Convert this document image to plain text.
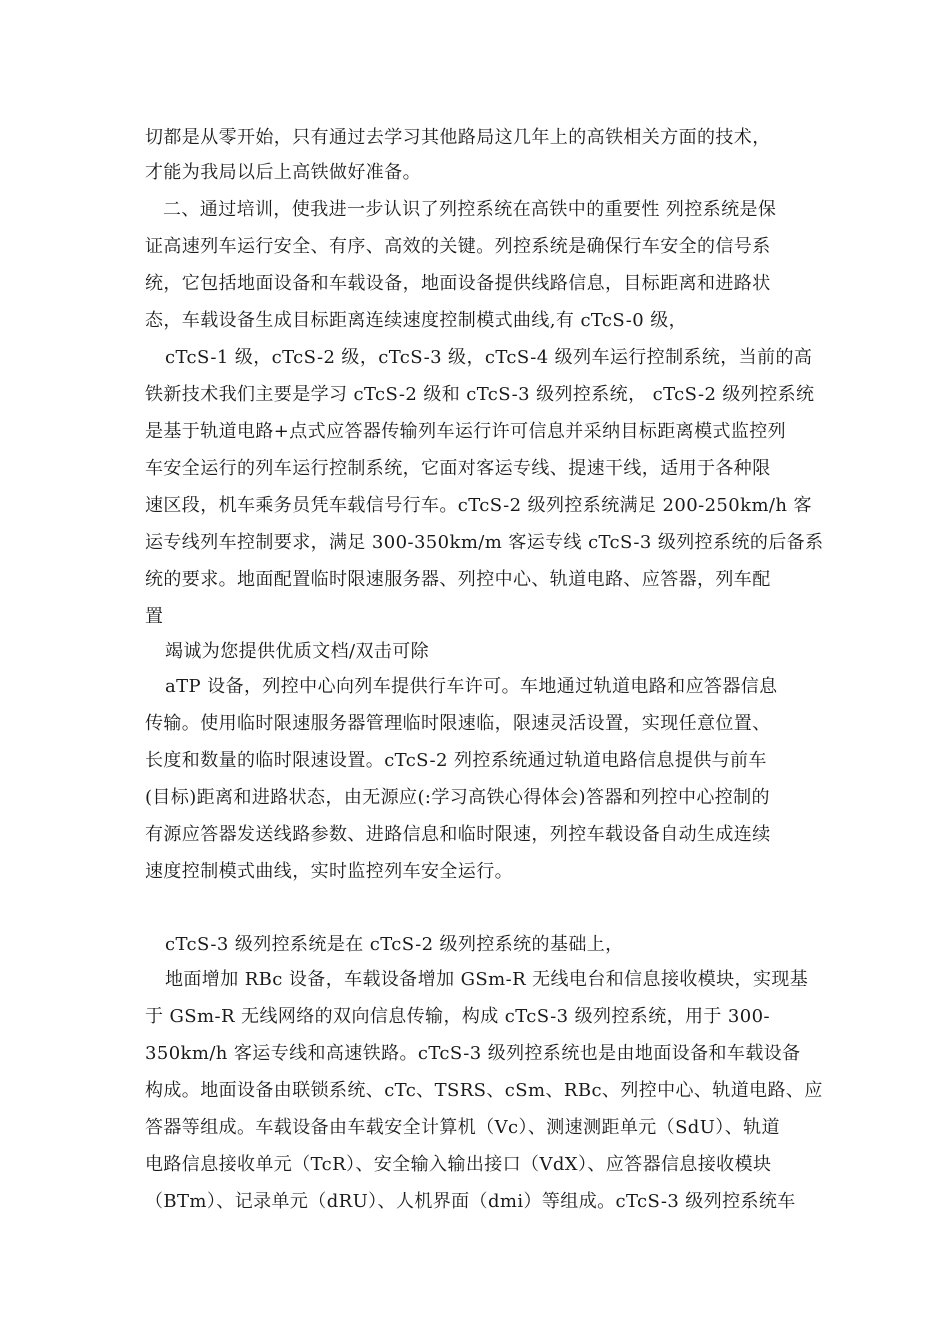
切都是从零开始，只有通过去学习其他路局这几年上的高铁相关方面的技术，
才能为我局以后上高铁做好准备。
二、通过培训，使我进一步认识了列控系统在高铁中的重要性 列控系统是保
证高速列车运行安全、有序、高效的关键。列控系统是确保行车安全的信号系
统，它包括地面设备和车载设备，地面设备提供线路信息，目标距离和进路状
态，车载设备生成目标距离连续速度控制模式曲线,有 cTcS-0 级，
cTcS-1 级，cTcS-2 级，cTcS-3 级，cTcS-4 级列车运行控制系统，当前的高
铁新技术我们主要是学习 cTcS-2 级和 cTcS-3 级列控系统， cTcS-2 级列控系统
是基于轨道电路+点式应答器传输列车运行许可信息并采纳目标距离模式监控列
车安全运行的列车运行控制系统，它面对客运专线、提速干线，适用于各种限
速区段，机车乘务员凭车载信号行车。cTcS-2 级列控系统满足 200-250km/h 客
运专线列车控制要求，满足 300-350km/m 客运专线 cTcS-3 级列控系统的后备系
统的要求。地面配置临时限速服务器、列控中心、轨道电路、应答器，列车配
置
竭诚为您提供优质文档/双击可除
aTP 设备，列控中心向列车提供行车许可。车地通过轨道电路和应答器信息
传输。使用临时限速服务器管理临时限速临，限速灵活设置，实现任意位置、
长度和数量的临时限速设置。cTcS-2 列控系统通过轨道电路信息提供与前车
(目标)距离和进路状态，由无源应(:学习高铁心得体会)答器和列控中心控制的
有源应答器发送线路参数、进路信息和临时限速，列控车载设备自动生成连续
速度控制模式曲线，实时监控列车安全运行。
cTcS-3 级列控系统是在 cTcS-2 级列控系统的基础上，
地面增加 RBc 设备，车载设备增加 GSm-R 无线电台和信息接收模块，实现基
于 GSm-R 无线网络的双向信息传输，构成 cTcS-3 级列控系统，用于 300-
350km/h 客运专线和高速铁路。cTcS-3 级列控系统也是由地面设备和车载设备
构成。地面设备由联锁系统、cTc、TSRS、cSm、RBc、列控中心、轨道电路、应
答器等组成。车载设备由车载安全计算机（Vc）、测速测距单元（SdU）、轨道
电路信息接收单元（TcR）、安全输入输出接口（VdX）、应答器信息接收模块
（BTm）、记录单元（dRU）、人机界面（dmi）等组成。cTcS-3 级列控系统车
